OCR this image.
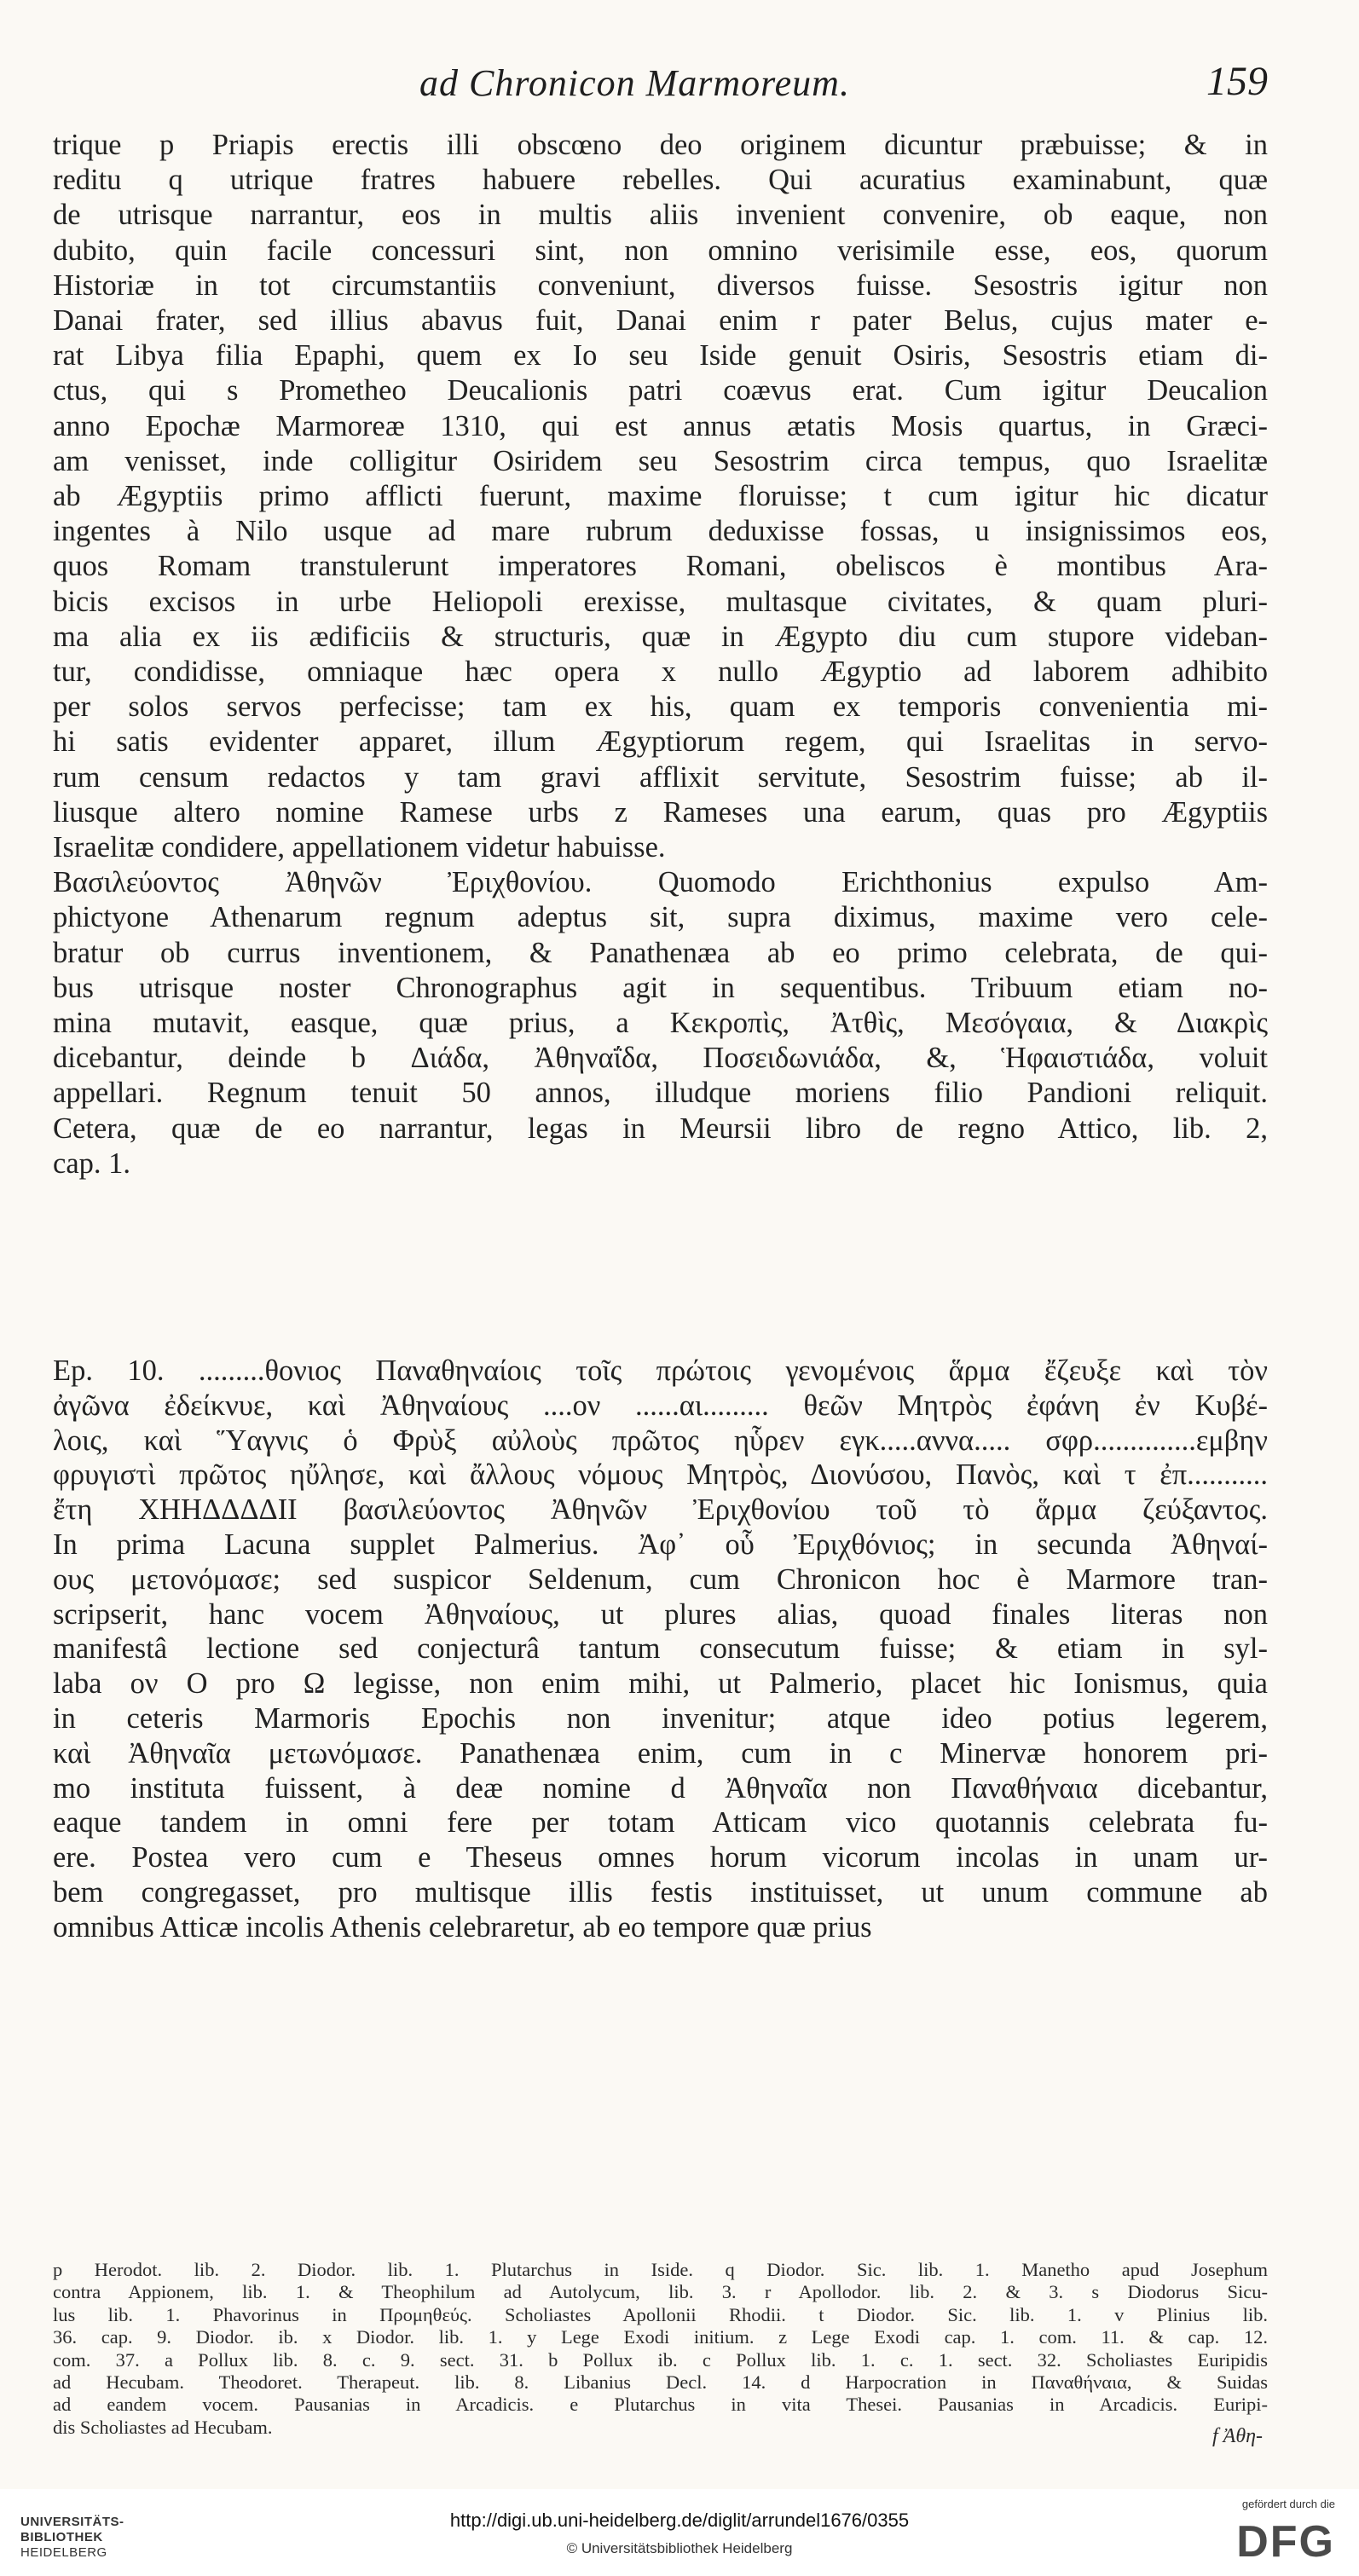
ad Chronicon Marmoreum.	159
trique p Priapis erectis illi obscœno deo originem dicuntur præbuisse; & in
reditu q utrique fratres habuere rebelles. Qui acuratius examinabunt, quæ
de utrisque narrantur, eos in multis aliis invenient convenire, ob eaque, non
dubito, quin facile concessuri sint, non omnino verisimile esse, eos, quorum
Historiæ in tot circumstantiis conveniunt, diversos fuisse. Sesostris igitur non
Danai frater, sed illius abavus fuit, Danai enim r pater Belus, cujus mater e-
rat Libya filia Epaphi, quem ex Io seu Iside genuit Osiris, Sesostris etiam di-
ctus, qui s Prometheo Deucalionis patri coævus erat. Cum igitur Deucalion
anno Epochæ Marmoreæ 1310, qui est annus ætatis Mosis quartus, in Græci-
am venisset, inde colligitur Osiridem seu Sesostrim circa tempus, quo Israelitæ
ab Ægyptiis primo afflicti fuerunt, maxime floruisse; t cum igitur hic dicatur
ingentes à Nilo usque ad mare rubrum deduxisse fossas, u insignissimos eos,
quos Romam transtulerunt imperatores Romani, obeliscos è montibus Ara-
bicis excisos in urbe Heliopoli erexisse, multasque civitates, & quam pluri-
ma alia ex iis ædificiis & structuris, quæ in Ægypto diu cum stupore videban-
tur, condidisse, omniaque hæc opera x nullo Ægyptio ad laborem adhibito
per solos servos perfecisse; tam ex his, quam ex temporis convenientia mi-
hi satis evidenter apparet, illum Ægyptiorum regem, qui Israelitas in servo-
rum censum redactos y tam gravi afflixit servitute, Sesostrim fuisse; ab il-
liusque altero nomine Ramese urbs z Rameses una earum, quas pro Ægyptiis
Israelitæ condidere, appellationem videtur habuisse.
Βασιλεύοντος Ἀθηνῶν Ἐριχθονίου. Quomodo Erichthonius expulso Am-
phictyone Athenarum regnum adeptus sit, supra diximus, maxime vero cele-
bratur ob currus inventionem, & Panathenæa ab eo primo celebrata, de qui-
bus utrisque noster Chronographus agit in sequentibus. Tribuum etiam no-
mina mutavit, easque, quæ prius, a Κεκροπὶς, Ἀτθὶς, Μεσόγαια, & Διακρὶς
dicebantur, deinde b Διάδα, Ἀθηναΐδα, Ποσειδωνιάδα, &, Ἡφαιστιάδα, voluit
appellari. Regnum tenuit 50 annos, illudque moriens filio Pandioni reliquit.
Cetera, quæ de eo narrantur, legas in Meursii libro de regno Attico, lib. 2,
cap. 1.
Ep. 10. .........θονιος Παναθηναίοις τοῖς πρώτοις γενομένοις ἅρμα ἔζευξε καὶ τὸν
ἀγῶνα ἐδείκνυε, καὶ Ἀθηναίους ....ον ......αι......... θεῶν Μητρὸς ἐφάνη ἐν Κυβέ-
λοις, καὶ Ὕαγνις ὁ Φρὺξ αὐλοὺς πρῶτος ηὗρεν εγκ.....αννα..... σφρ..............εμβην
φρυγιστὶ πρῶτος ηὔλησε, καὶ ἄλλους νόμους Μητρὸς, Διονύσου, Πανὸς, καὶ τ ἐπ...........
ἔτη ΧΗΗΔΔΔΔΙΙ βασιλεύοντος Ἀθηνῶν Ἐριχθονίου τοῦ τὸ ἅρμα ζεύξαντος.
In prima Lacuna supplet Palmerius. Ἀφ᾽ οὗ Ἐριχθόνιος; in secunda Ἀθηναί-
ους μετονόμασε; sed suspicor Seldenum, cum Chronicon hoc è Marmore tran-
scripserit, hanc vocem Ἀθηναίους, ut plures alias, quoad finales literas non
manifestâ lectione sed conjecturâ tantum consecutum fuisse; & etiam in syl-
laba ον O pro Ω legisse, non enim mihi, ut Palmerio, placet hic Ionismus, quia
in ceteris Marmoris Epochis non invenitur; atque ideo potius legerem,
καὶ Ἀθηναῖα μετωνόμασε. Panathenæa enim, cum in c Minervæ honorem pri-
mo instituta fuissent, à deæ nomine d Ἀθηναῖα non Παναθήναια dicebantur,
eaque tandem in omni fere per totam Atticam vico quotannis celebrata fu-
ere. Postea vero cum e Theseus omnes horum vicorum incolas in unam ur-
bem congregasset, pro multisque illis festis instituisset, ut unum commune ab
omnibus Atticæ incolis Athenis celebraretur, ab eo tempore quæ prius
p Herodot. lib. 2. Diodor. lib. 1. Plutarchus in Iside. q Diodor. Sic. lib. 1. Manetho apud Josephum
contra Appionem, lib. 1. & Theophilum ad Autolycum, lib. 3. r Apollodor. lib. 2. & 3. s Diodorus Sicu-
lus lib. 1. Phavorinus in Προμηθεύς. Scholiastes Apollonii Rhodii. t Diodor. Sic. lib. 1. v Plinius lib.
36. cap. 9. Diodor. ib. x Diodor. lib. 1. y Lege Exodi initium. z Lege Exodi cap. 1. com. 11. & cap. 12.
com. 37. a Pollux lib. 8. c. 9. sect. 31. b Pollux ib. c Pollux lib. 1. c. 1. sect. 32. Scholiastes Euripidis
ad Hecubam. Theodoret. Therapeut. lib. 8. Libanius Decl. 14. d Harpocration in Παναθήναια, & Suidas
ad eandem vocem. Pausanias in Arcadicis. e Plutarchus in vita Thesei. Pausanias in Arcadicis. Euripi-
dis Scholiastes ad Hecubam.	f Ἀθη-
UNIVERSITÄTS-
BIBLIOTHEK
HEIDELBERG
http://digi.ub.uni-heidelberg.de/diglit/arrundel1676/0355
© Universitätsbibliothek Heidelberg
gefördert durch die
DFG
